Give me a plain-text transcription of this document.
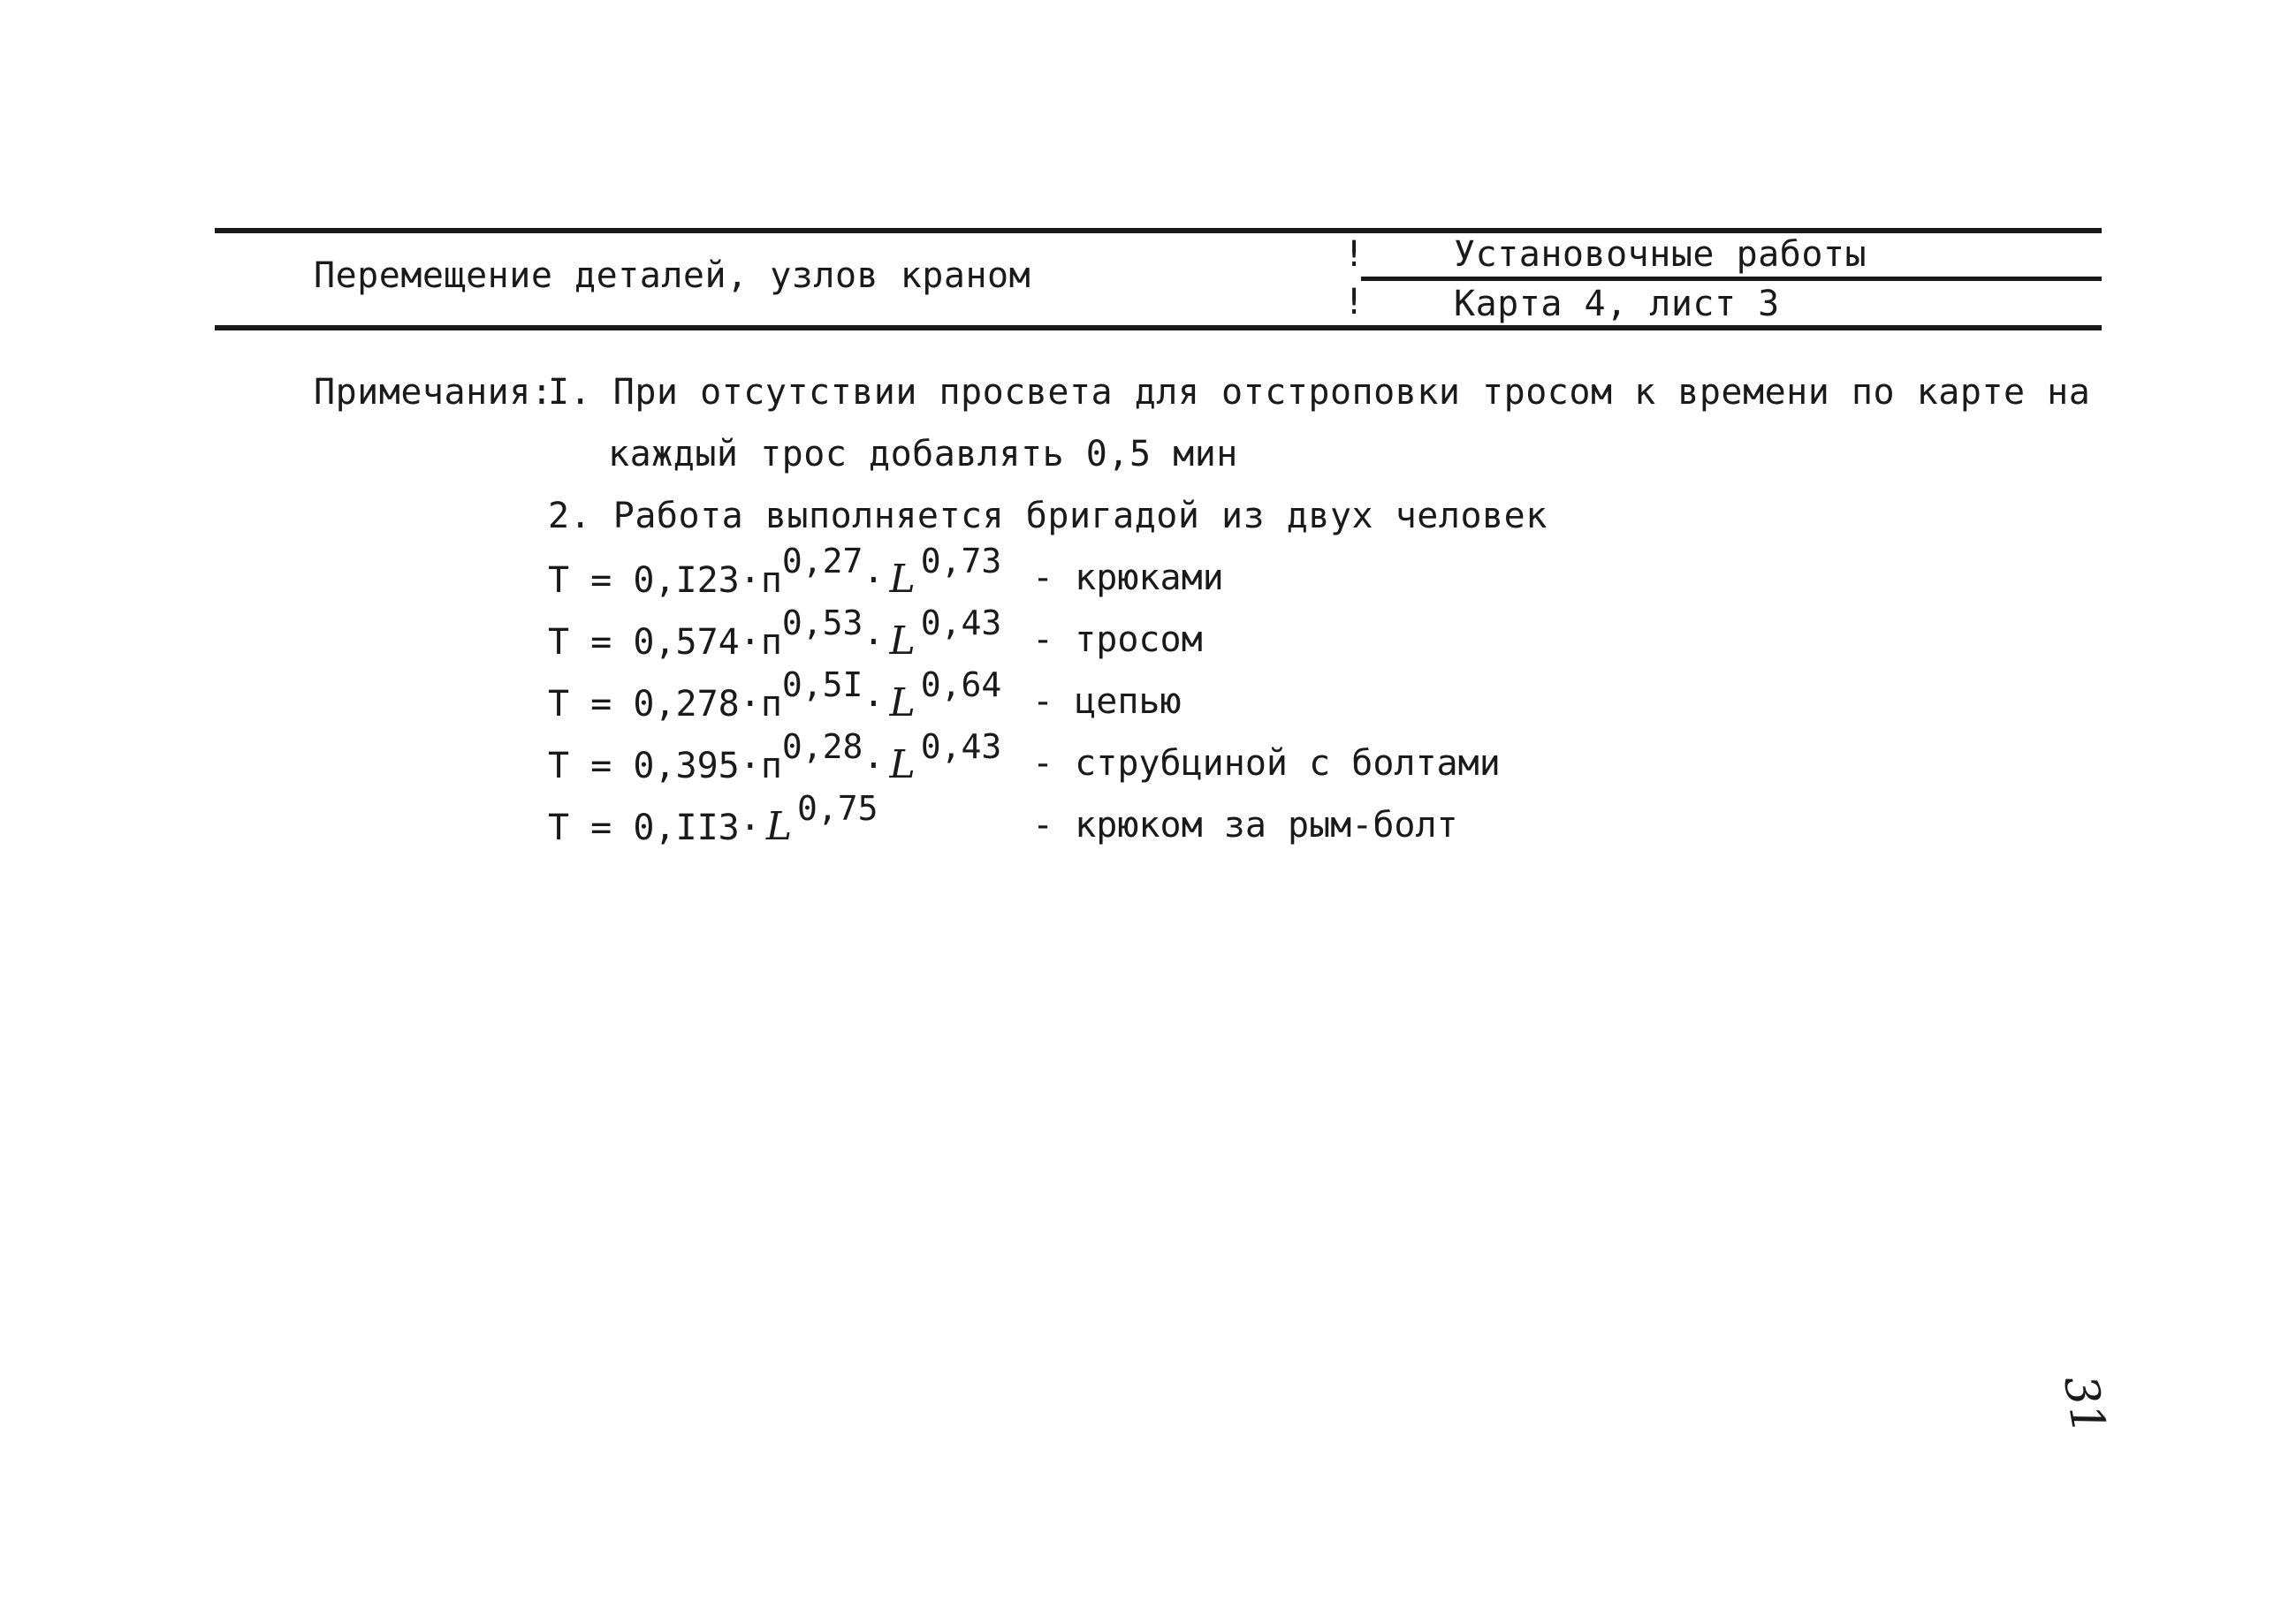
Перемещение деталей, узлов краном
!
!
Установочные работы
Карта 4, лист 3
Примечания:
I. При отсутствии просвета для отстроповки тросом к времени по карте на
каждый трос добавлять 0,5 мин
2. Работа выполняется бригадой из двух человек
T = 0,I23·п0,27· L 0,73 - крюками
T = 0,574·п0,53· L 0,43 - тросом
T = 0,278·п0,5I· L 0,64 - цепью
T = 0,395·п0,28· L 0,43 - струбциной с болтами
T = 0,II3· L 0,75	- крюком за рым-болт
31
